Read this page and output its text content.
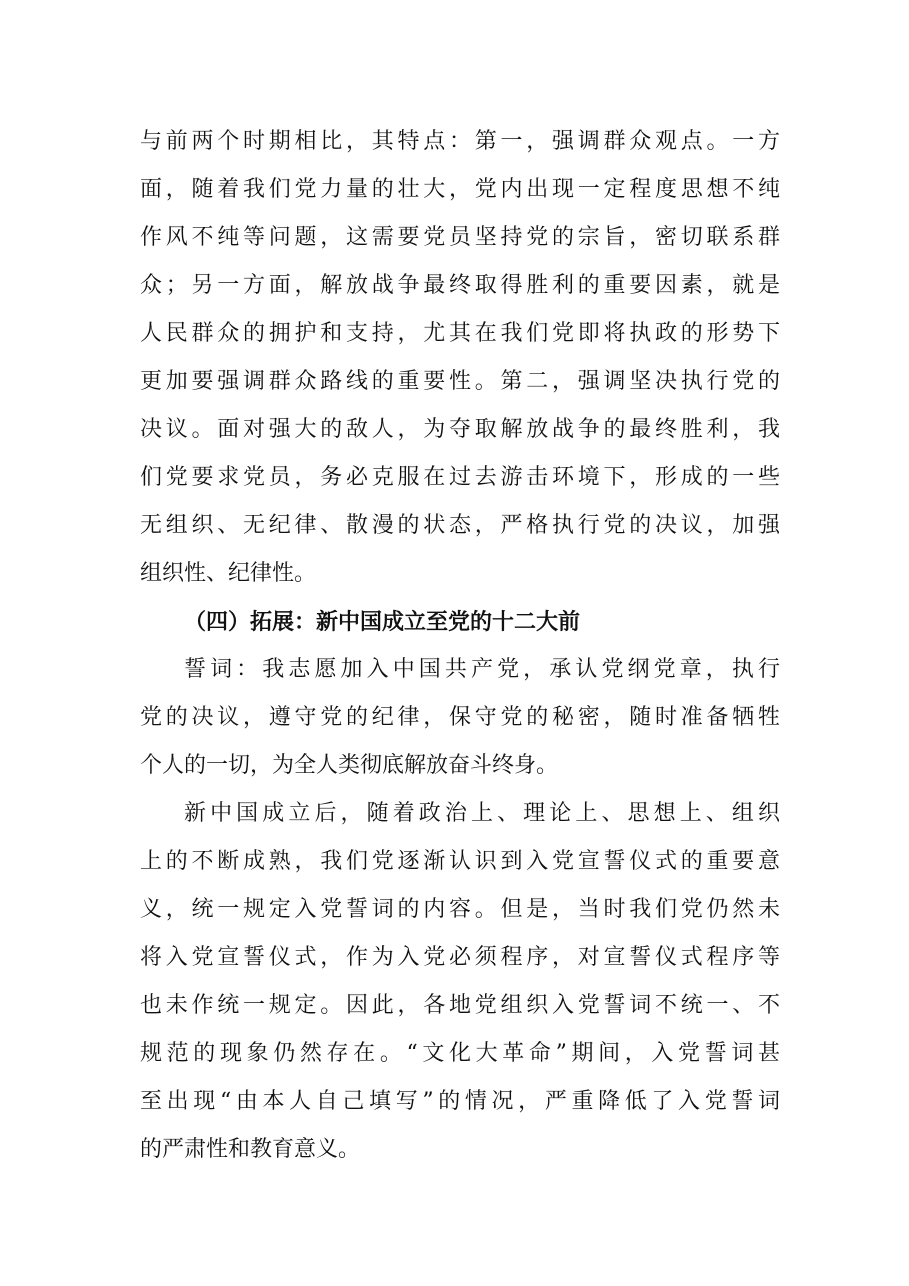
与前两个时期相比，其特点：第一，强调群众观点。一方
面，随着我们党力量的壮大，党内出现一定程度思想不纯
作风不纯等问题，这需要党员坚持党的宗旨，密切联系群
众；另一方面，解放战争最终取得胜利的重要因素，就是
人民群众的拥护和支持，尤其在我们党即将执政的形势下
更加要强调群众路线的重要性。第二，强调坚决执行党的
决议。面对强大的敌人，为夺取解放战争的最终胜利，我
们党要求党员，务必克服在过去游击环境下，形成的一些
无组织、无纪律、散漫的状态，严格执行党的决议，加强
组织性、纪律性。
（四）拓展：新中国成立至党的十二大前
誓词：我志愿加入中国共产党，承认党纲党章，执行
党的决议，遵守党的纪律，保守党的秘密，随时准备牺牲
个人的一切，为全人类彻底解放奋斗终身。
新中国成立后，随着政治上、理论上、思想上、组织
上的不断成熟，我们党逐渐认识到入党宣誓仪式的重要意
义，统一规定入党誓词的内容。但是，当时我们党仍然未
将入党宣誓仪式，作为入党必须程序，对宣誓仪式程序等
也未作统一规定。因此，各地党组织入党誓词不统一、不
规范的现象仍然存在。“文化大革命”期间，入党誓词甚
至出现“由本人自己填写”的情况，严重降低了入党誓词
的严肃性和教育意义。
